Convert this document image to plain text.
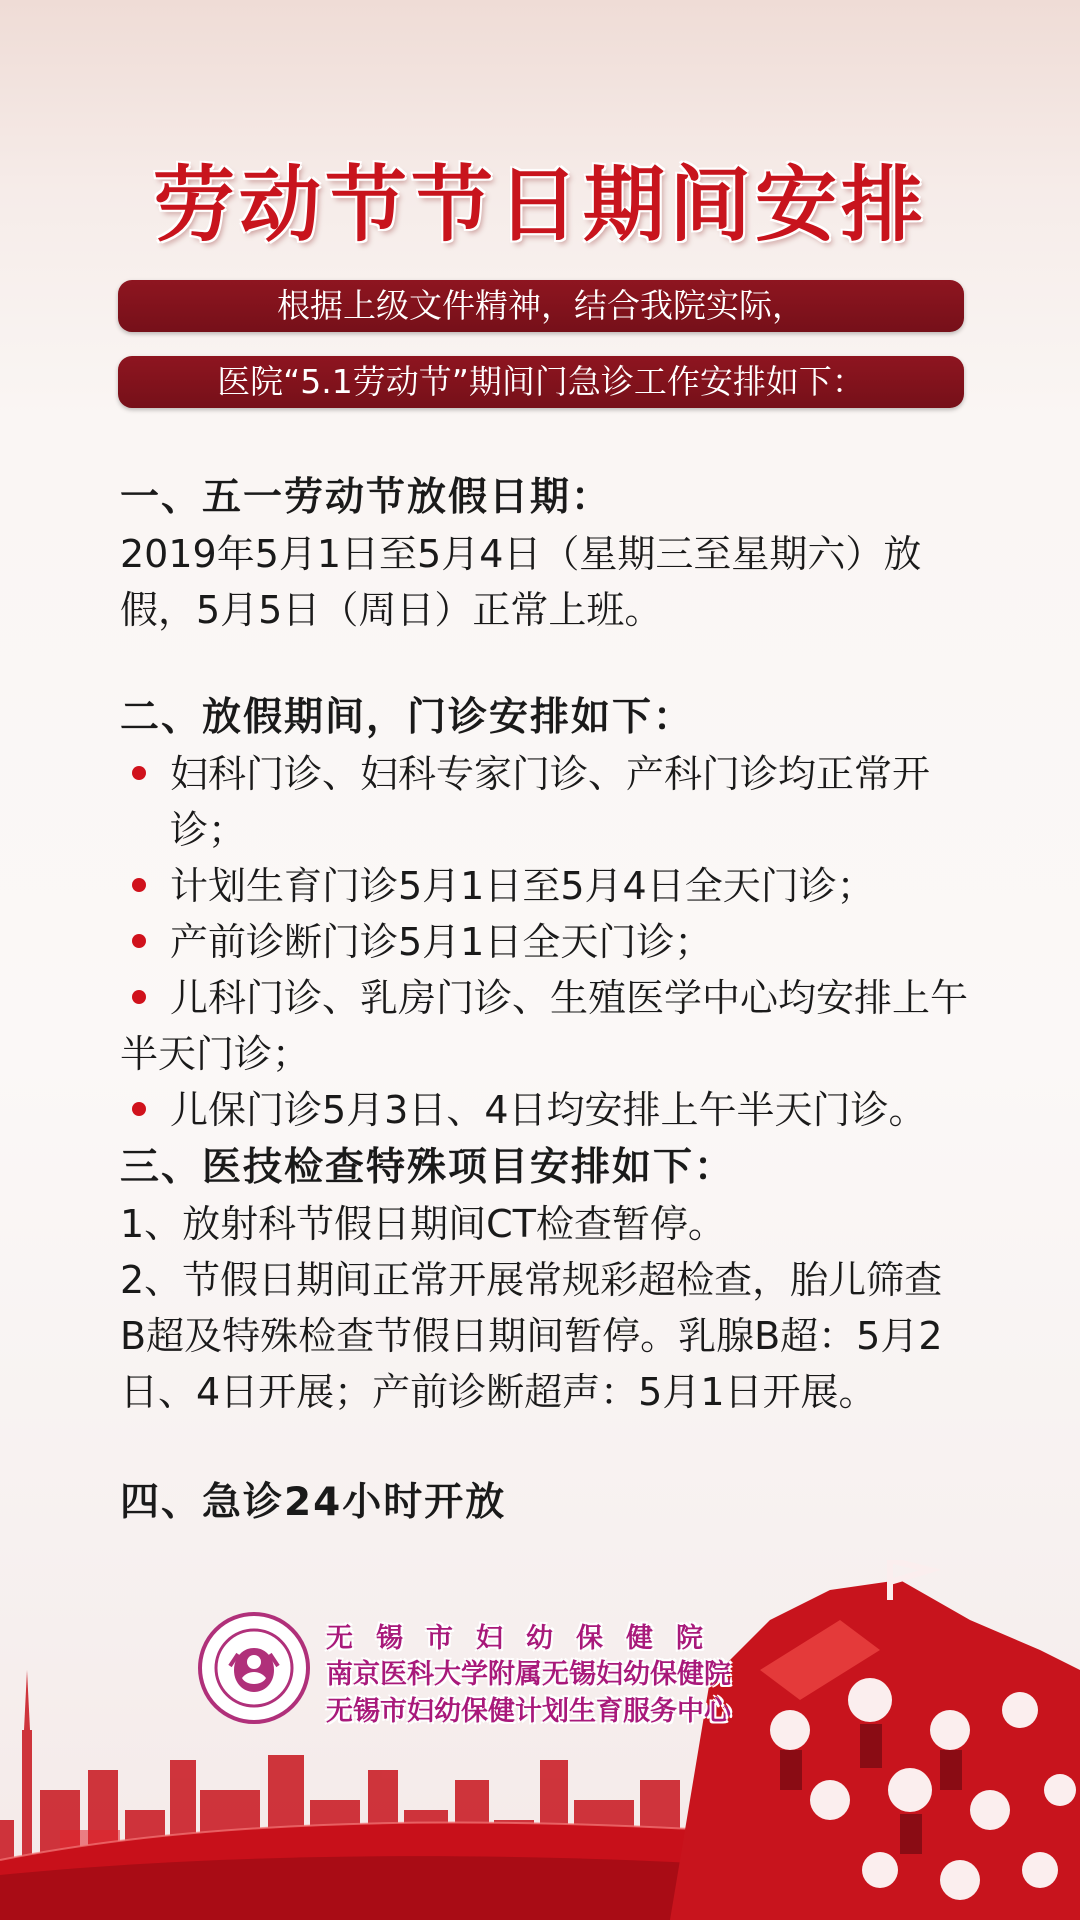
劳动节节日期间安排
根据上级文件精神，结合我院实际，
医院“5.1劳动节”期间门急诊工作安排如下：
一、五一劳动节放假日期：

2019年5月1日至5月4日（星期三至星期六）放

假，5月5日（周日）正常上班。

二、放假期间，门诊安排如下：

妇科门诊、妇科专家门诊、产科门诊均正常开诊；

计划生育门诊5月1日至5月4日全天门诊；

产前诊断门诊5月1日全天门诊；

儿科门诊、乳房门诊、生殖医学中心均安排上午半天门诊；

儿保门诊5月3日、4日均安排上午半天门诊。

三、医技检查特殊项目安排如下：

1、放射科节假日期间CT检查暂停。

2、节假日期间正常开展常规彩超检查，胎儿筛查B超及特殊检查节假日期间暂停。乳腺B超：5月2日、4日开展；产前诊断超声：5月1日开展。

四、急诊24小时开放
无锡市妇幼保健院
南京医科大学附属无锡妇幼保健院
无锡市妇幼保健计划生育服务中心
